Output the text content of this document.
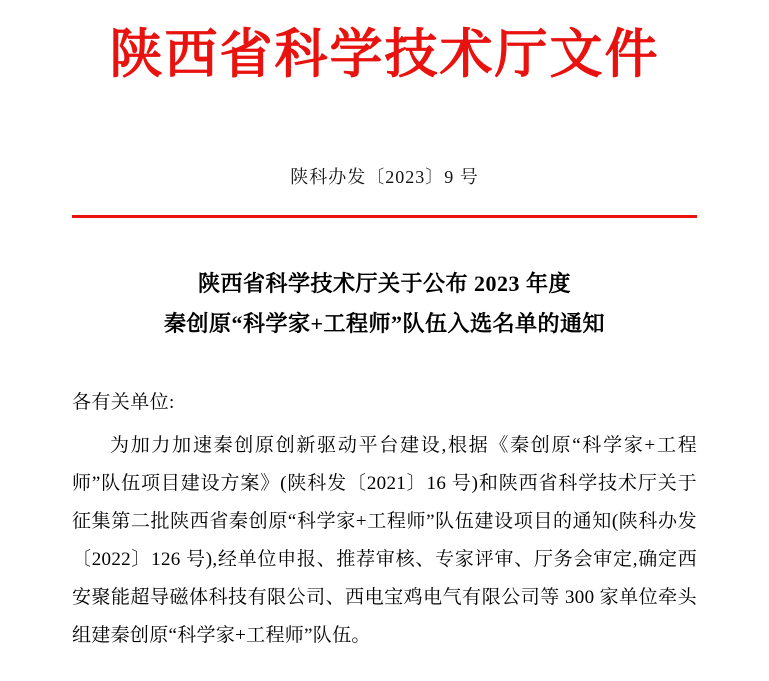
陕西省科学技术厅文件
陕科办发〔2023〕9 号
陕西省科学技术厅关于公布 2023 年度
秦创原“科学家+工程师”队伍入选名单的通知
各有关单位:
为加力加速秦创原创新驱动平台建设,根据《秦创原“科学家+工程师”队伍项目建设方案》(陕科发〔2021〕16 号)和陕西省科学技术厅关于征集第二批陕西省秦创原“科学家+工程师”队伍建设项目的通知(陕科办发〔2022〕126 号),经单位申报、推荐审核、专家评审、厅务会审定,确定西安聚能超导磁体科技有限公司、西电宝鸡电气有限公司等 300 家单位牵头组建秦创原“科学家+工程师”队伍。
